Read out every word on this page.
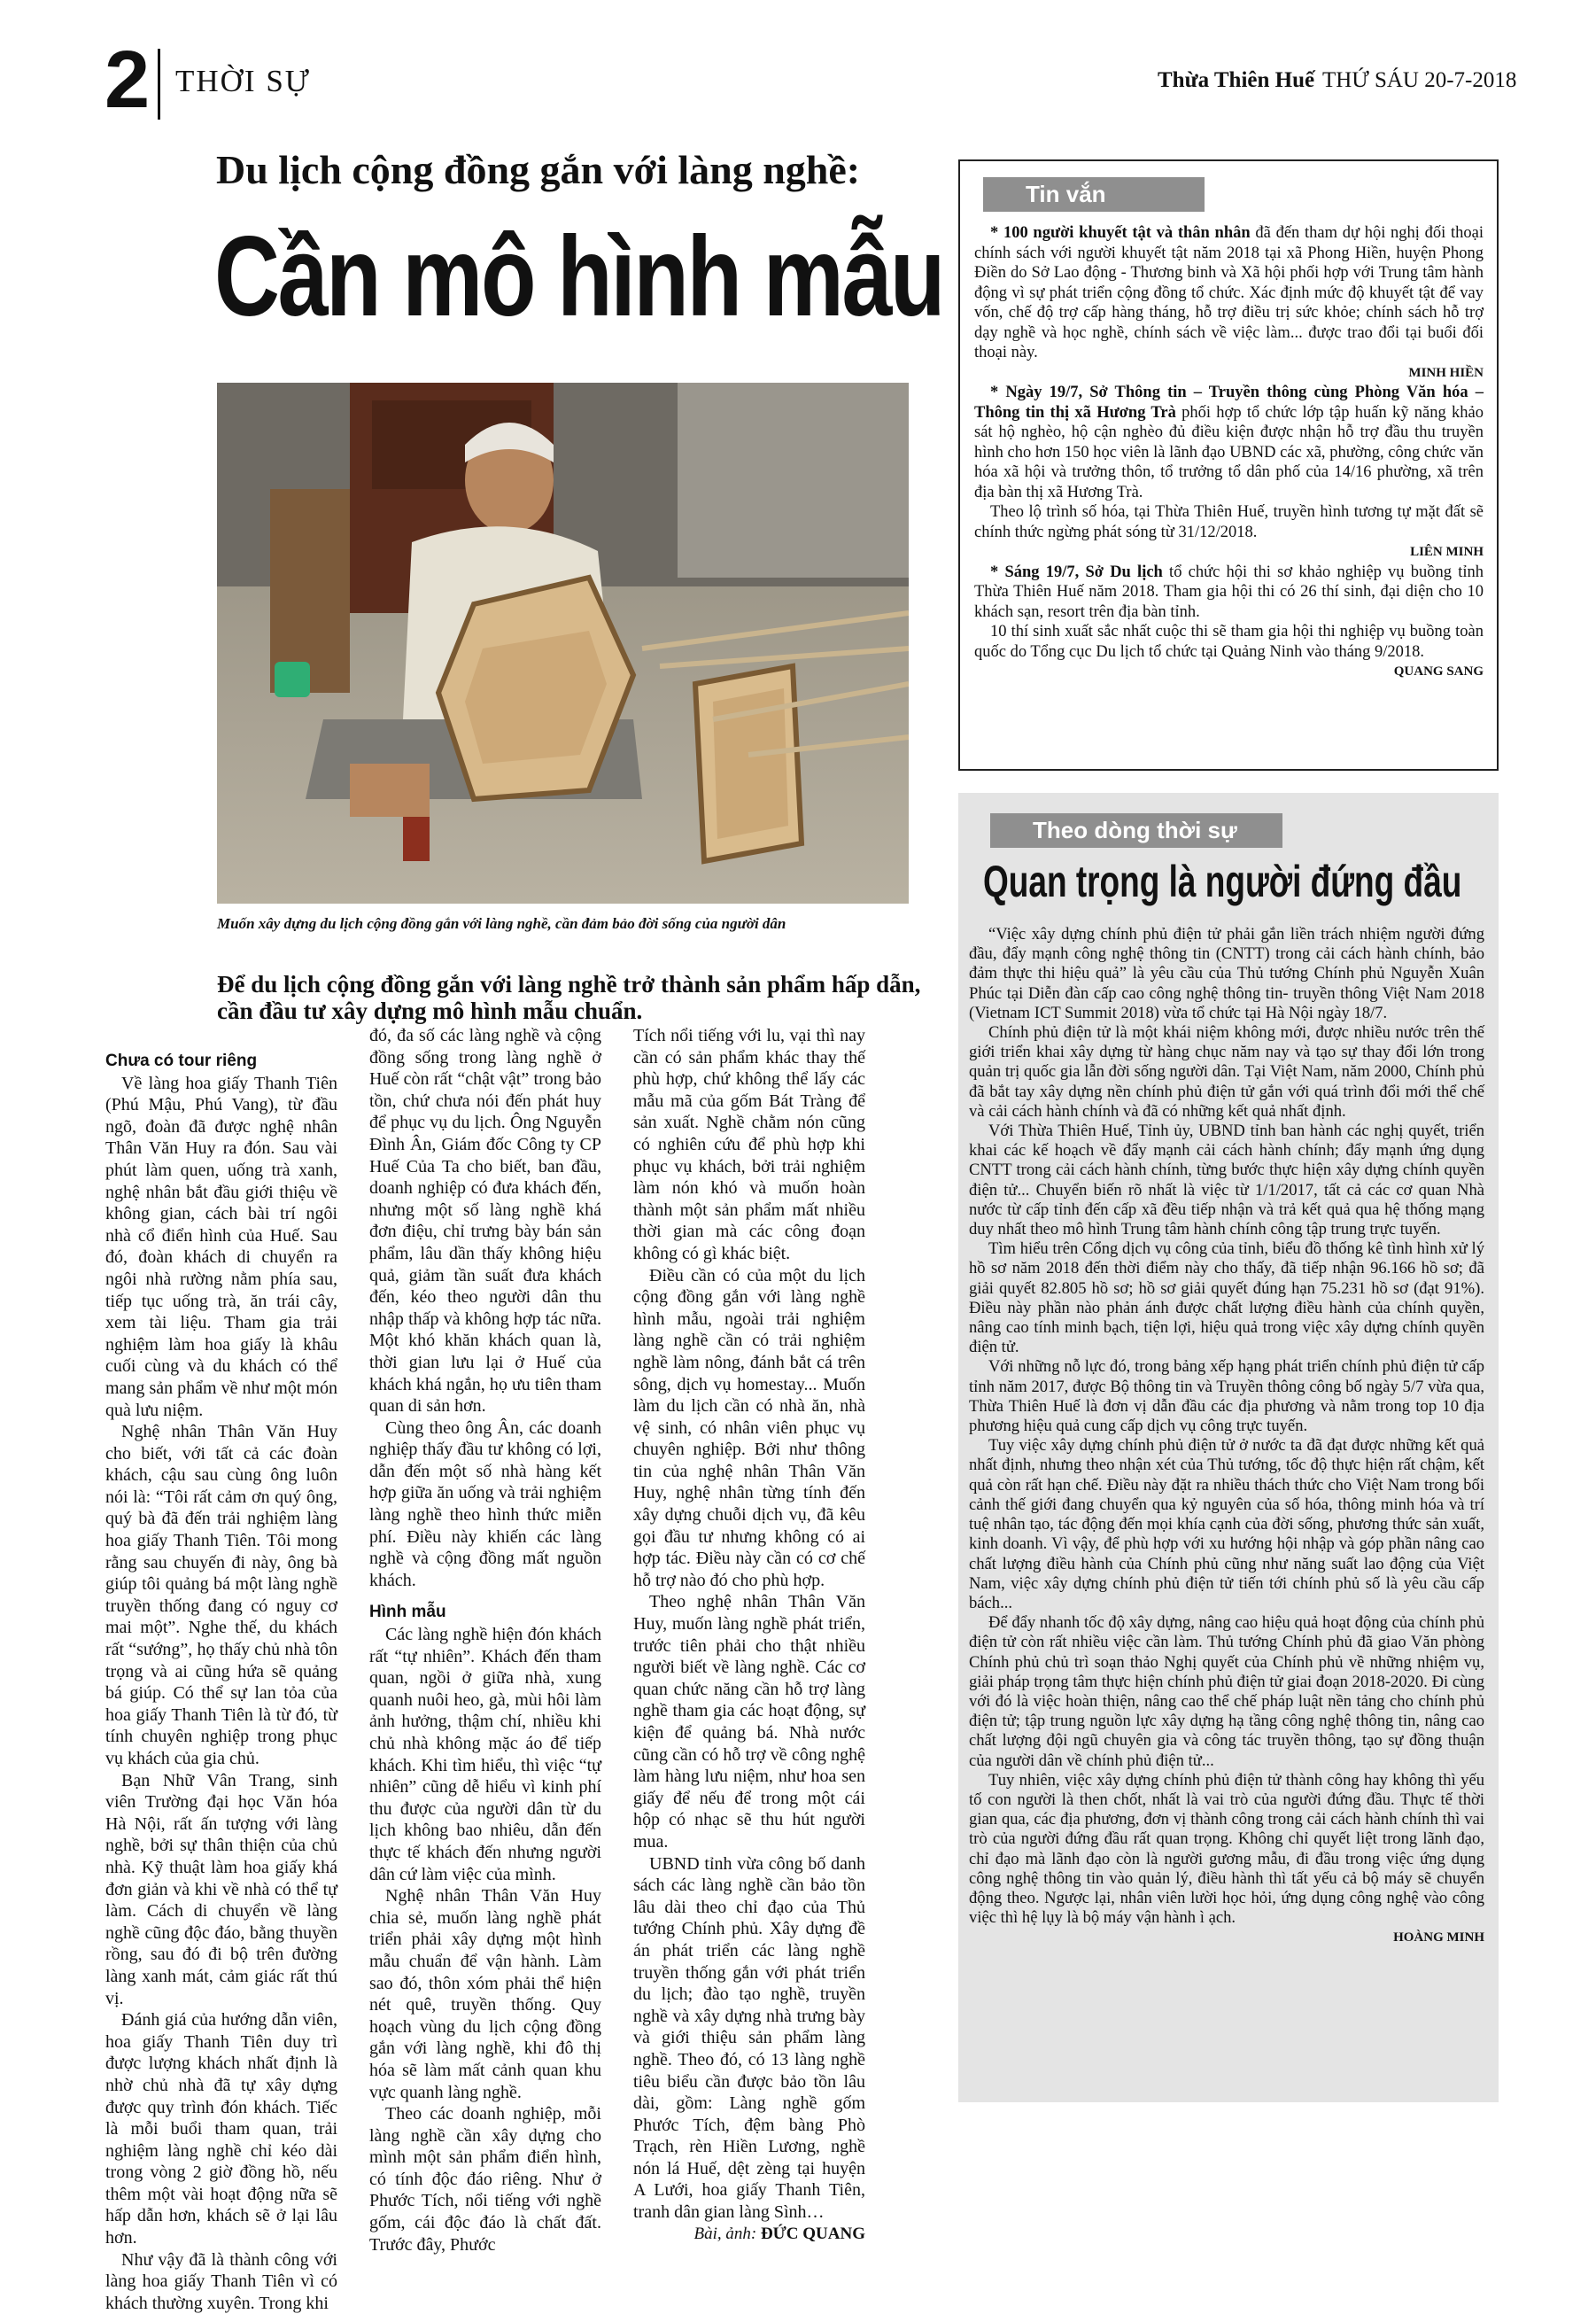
2 THỜI SỰ	Thừa Thiên Huế THỨ SÁU 20-7-2018
Du lịch cộng đồng gắn với làng nghề:
Cần mô hình mẫu
Muốn xây dựng du lịch cộng đồng gắn với làng nghề, cần đảm bảo đời sống của người dân
Để du lịch cộng đồng gắn với làng nghề trở thành sản phẩm hấp dẫn, cần đầu tư xây dựng mô hình mẫu chuẩn.

Chưa có tour riêng

Về làng hoa giấy Thanh Tiên (Phú Mậu, Phú Vang), từ đầu ngõ, đoàn đã được nghệ nhân Thân Văn Huy ra đón. Sau vài phút làm quen, uống trà xanh, nghệ nhân bắt đầu giới thiệu về không gian, cách bài trí ngôi nhà cổ điển hình của Huế. Sau đó, đoàn khách di chuyển ra ngôi nhà rường nằm phía sau, tiếp tục uống trà, ăn trái cây, xem tài liệu. Tham gia trải nghiệm làm hoa giấy là khâu cuối cùng và du khách có thể mang sản phẩm về như một món quà lưu niệm.

Nghệ nhân Thân Văn Huy cho biết, với tất cả các đoàn khách, cậu sau cùng ông luôn nói là: “Tôi rất cảm ơn quý ông, quý bà đã đến trải nghiệm làng hoa giấy Thanh Tiên. Tôi mong rằng sau chuyến đi này, ông bà giúp tôi quảng bá một làng nghề truyền thống đang có nguy cơ mai một”. Nghe thế, du khách rất “sướng”, họ thấy chủ nhà tôn trọng và ai cũng hứa sẽ quảng bá giúp. Có thể sự lan tỏa của hoa giấy Thanh Tiên là từ đó, từ tính chuyên nghiệp trong phục vụ khách của gia chủ.

Bạn Nhữ Vân Trang, sinh viên Trường đại học Văn hóa Hà Nội, rất ấn tượng với làng nghề, bởi sự thân thiện của chủ nhà. Kỹ thuật làm hoa giấy khá đơn giản và khi về nhà có thể tự làm. Cách di chuyển về làng nghề cũng độc đáo, bằng thuyền rồng, sau đó đi bộ trên đường làng xanh mát, cảm giác rất thú vị.

Đánh giá của hướng dẫn viên, hoa giấy Thanh Tiên duy trì được lượng khách nhất định là nhờ chủ nhà đã tự xây dựng được quy trình đón khách. Tiếc là mỗi buổi tham quan, trải nghiệm làng nghề chỉ kéo dài trong vòng 2 giờ đồng hồ, nếu thêm một vài hoạt động nữa sẽ hấp dẫn hơn, khách sẽ ở lại lâu hơn.

Như vậy đã là thành công với làng hoa giấy Thanh Tiên vì có khách thường xuyên. Trong khi

đó, đa số các làng nghề và cộng đồng sống trong làng nghề ở Huế còn rất “chật vật” trong bảo tồn, chứ chưa nói đến phát huy để phục vụ du lịch. Ông Nguyễn Đình Ân, Giám đốc Công ty CP Huế Của Ta cho biết, ban đầu, doanh nghiệp có đưa khách đến, nhưng một số làng nghề khá đơn điệu, chỉ trưng bày bán sản phẩm, lâu dần thấy không hiệu quả, giảm tần suất đưa khách đến, kéo theo người dân thu nhập thấp và không hợp tác nữa. Một khó khăn khách quan là, thời gian lưu lại ở Huế của khách khá ngắn, họ ưu tiên tham quan di sản hơn.

Cùng theo ông Ân, các doanh nghiệp thấy đầu tư không có lợi, dẫn đến một số nhà hàng kết hợp giữa ăn uống và trải nghiệm làng nghề theo hình thức miễn phí. Điều này khiến các làng nghề và cộng đồng mất nguồn khách.

Hình mẫu

Các làng nghề hiện đón khách rất “tự nhiên”. Khách đến tham quan, ngồi ở giữa nhà, xung quanh nuôi heo, gà, mùi hôi làm ảnh hưởng, thậm chí, nhiều khi chủ nhà không mặc áo để tiếp khách. Khi tìm hiểu, thì việc “tự nhiên” cũng dễ hiểu vì kinh phí thu được của người dân từ du lịch không bao nhiêu, dẫn đến thực tế khách đến nhưng người dân cứ làm việc của mình.

Nghệ nhân Thân Văn Huy chia sẻ, muốn làng nghề phát triển phải xây dựng một hình mẫu chuẩn để vận hành. Làm sao đó, thôn xóm phải thể hiện nét quê, truyền thống. Quy hoạch vùng du lịch cộng đồng gắn với làng nghề, khi đô thị hóa sẽ làm mất cảnh quan khu vực quanh làng nghề.

Theo các doanh nghiệp, mỗi làng nghề cần xây dựng cho mình một sản phẩm điển hình, có tính độc đáo riêng. Như ở Phước Tích, nổi tiếng với nghề gốm, cái độc đáo là chất đất. Trước đây, Phước

Tích nổi tiếng với lu, vại thì nay cần có sản phẩm khác thay thế phù hợp, chứ không thể lấy các mẫu mã của gốm Bát Tràng để sản xuất. Nghề chằm nón cũng có nghiên cứu để phù hợp khi phục vụ khách, bởi trải nghiệm làm nón khó và muốn hoàn thành một sản phẩm mất nhiều thời gian mà các công đoạn không có gì khác biệt.

Điều cần có của một du lịch cộng đồng gắn với làng nghề hình mẫu, ngoài trải nghiệm làng nghề cần có trải nghiệm nghề làm nông, đánh bắt cá trên sông, dịch vụ homestay... Muốn làm du lịch cần có nhà ăn, nhà vệ sinh, có nhân viên phục vụ chuyên nghiệp. Bởi như thông tin của nghệ nhân Thân Văn Huy, nghệ nhân từng tính đến xây dựng chuỗi dịch vụ, đã kêu gọi đầu tư nhưng không có ai hợp tác. Điều này cần có cơ chế hỗ trợ nào đó cho phù hợp.

Theo nghệ nhân Thân Văn Huy, muốn làng nghề phát triển, trước tiên phải cho thật nhiều người biết về làng nghề. Các cơ quan chức năng cần hỗ trợ làng nghề tham gia các hoạt động, sự kiện để quảng bá. Nhà nước cũng cần có hỗ trợ về công nghệ làm hàng lưu niệm, như hoa sen giấy để nếu để trong một cái hộp có nhạc sẽ thu hút người mua.

UBND tỉnh vừa công bố danh sách các làng nghề cần bảo tồn lâu dài theo chỉ đạo của Thủ tướng Chính phủ. Xây dựng đề án phát triển các làng nghề truyền thống gắn với phát triển du lịch; đào tạo nghề, truyền nghề và xây dựng nhà trưng bày và giới thiệu sản phẩm làng nghề. Theo đó, có 13 làng nghề tiêu biểu cần được bảo tồn lâu dài, gồm: Làng nghề gốm Phước Tích, đệm bàng Phò Trạch, rèn Hiền Lương, nghề nón lá Huế, dệt zèng tại huyện A Lưới, hoa giấy Thanh Tiên, tranh dân gian làng Sình…

Bài, ảnh: ĐỨC QUANG

Tin vắn

* 100 người khuyết tật và thân nhân đã đến tham dự hội nghị đối thoại chính sách với người khuyết tật năm 2018 tại xã Phong Hiền, huyện Phong Điền do Sở Lao động - Thương binh và Xã hội phối hợp với Trung tâm hành động vì sự phát triển cộng đồng tổ chức. Xác định mức độ khuyết tật để vay vốn, chế độ trợ cấp hàng tháng, hỗ trợ điều trị sức khỏe; chính sách hỗ trợ dạy nghề và học nghề, chính sách về việc làm... được trao đổi tại buổi đối thoại này.

MINH HIỀN

* Ngày 19/7, Sở Thông tin – Truyền thông cùng Phòng Văn hóa – Thông tin thị xã Hương Trà phối hợp tổ chức lớp tập huấn kỹ năng khảo sát hộ nghèo, hộ cận nghèo đủ điều kiện được nhận hỗ trợ đầu thu truyền hình cho hơn 150 học viên là lãnh đạo UBND các xã, phường, công chức văn hóa xã hội và trưởng thôn, tổ trưởng tổ dân phố của 14/16 phường, xã trên địa bàn thị xã Hương Trà.

Theo lộ trình số hóa, tại Thừa Thiên Huế, truyền hình tương tự mặt đất sẽ chính thức ngừng phát sóng từ 31/12/2018.

LIÊN MINH

* Sáng 19/7, Sở Du lịch tổ chức hội thi sơ khảo nghiệp vụ buồng tỉnh Thừa Thiên Huế năm 2018. Tham gia hội thi có 26 thí sinh, đại diện cho 10 khách sạn, resort trên địa bàn tỉnh.

10 thí sinh xuất sắc nhất cuộc thi sẽ tham gia hội thi nghiệp vụ buồng toàn quốc do Tổng cục Du lịch tổ chức tại Quảng Ninh vào tháng 9/2018.

QUANG SANG

Theo dòng thời sự
Quan trọng là người đứng đầu

“Việc xây dựng chính phủ điện tử phải gắn liền trách nhiệm người đứng đầu, đẩy mạnh công nghệ thông tin (CNTT) trong cải cách hành chính, bảo đảm thực thi hiệu quả” là yêu cầu của Thủ tướng Chính phủ Nguyễn Xuân Phúc tại Diễn đàn cấp cao công nghệ thông tin- truyền thông Việt Nam 2018 (Vietnam ICT Summit 2018) vừa tổ chức tại Hà Nội ngày 18/7.

Chính phủ điện tử là một khái niệm không mới, được nhiều nước trên thế giới triển khai xây dựng từ hàng chục năm nay và tạo sự thay đổi lớn trong quản trị quốc gia lẫn đời sống người dân. Tại Việt Nam, năm 2000, Chính phủ đã bắt tay xây dựng nền chính phủ điện tử gắn với quá trình đổi mới thể chế và cải cách hành chính và đã có những kết quả nhất định.

Với Thừa Thiên Huế, Tỉnh ủy, UBND tỉnh ban hành các nghị quyết, triển khai các kế hoạch về đẩy mạnh cải cách hành chính; đẩy mạnh ứng dụng CNTT trong cải cách hành chính, từng bước thực hiện xây dựng chính quyền điện tử... Chuyển biến rõ nhất là việc từ 1/1/2017, tất cả các cơ quan Nhà nước từ cấp tỉnh đến cấp xã đều tiếp nhận và trả kết quả qua hệ thống mạng duy nhất theo mô hình Trung tâm hành chính công tập trung trực tuyến.

Tìm hiểu trên Cổng dịch vụ công của tỉnh, biểu đồ thống kê tình hình xử lý hồ sơ năm 2018 đến thời điểm này cho thấy, đã tiếp nhận 96.166 hồ sơ; đã giải quyết 82.805 hồ sơ; hồ sơ giải quyết đúng hạn 75.231 hồ sơ (đạt 91%). Điều này phần nào phản ánh được chất lượng điều hành của chính quyền, nâng cao tính minh bạch, tiện lợi, hiệu quả trong việc xây dựng chính quyền điện tử.

Với những nỗ lực đó, trong bảng xếp hạng phát triển chính phủ điện tử cấp tỉnh năm 2017, được Bộ thông tin và Truyền thông công bố ngày 5/7 vừa qua, Thừa Thiên Huế là đơn vị dẫn đầu các địa phương và nằm trong top 10 địa phương hiệu quả cung cấp dịch vụ công trực tuyến.

Tuy việc xây dựng chính phủ điện tử ở nước ta đã đạt được những kết quả nhất định, nhưng theo nhận xét của Thủ tướng, tốc độ thực hiện rất chậm, kết quả còn rất hạn chế. Điều này đặt ra nhiều thách thức cho Việt Nam trong bối cảnh thế giới đang chuyển qua kỷ nguyên của số hóa, thông minh hóa và trí tuệ nhân tạo, tác động đến mọi khía cạnh của đời sống, phương thức sản xuất, kinh doanh. Vì vậy, để phù hợp với xu hướng hội nhập và góp phần nâng cao chất lượng điều hành của Chính phủ cũng như năng suất lao động của Việt Nam, việc xây dựng chính phủ điện tử tiến tới chính phủ số là yêu cầu cấp bách...

Để đẩy nhanh tốc độ xây dựng, nâng cao hiệu quả hoạt động của chính phủ điện tử còn rất nhiều việc cần làm. Thủ tướng Chính phủ đã giao Văn phòng Chính phủ chủ trì soạn thảo Nghị quyết của Chính phủ về những nhiệm vụ, giải pháp trọng tâm thực hiện chính phủ điện tử giai đoạn 2018-2020. Đi cùng với đó là việc hoàn thiện, nâng cao thể chế pháp luật nền tảng cho chính phủ điện tử; tập trung nguồn lực xây dựng hạ tầng công nghệ thông tin, nâng cao chất lượng đội ngũ chuyên gia và công tác truyền thông, tạo sự đồng thuận của người dân về chính phủ điện tử...

Tuy nhiên, việc xây dựng chính phủ điện tử thành công hay không thì yếu tố con người là then chốt, nhất là vai trò của người đứng đầu. Thực tế thời gian qua, các địa phương, đơn vị thành công trong cải cách hành chính thì vai trò của người đứng đầu rất quan trọng. Không chỉ quyết liệt trong lãnh đạo, chỉ đạo mà lãnh đạo còn là người gương mẫu, đi đầu trong việc ứng dụng công nghệ thông tin vào quản lý, điều hành thì tất yếu cả bộ máy sẽ chuyển động theo. Ngược lại, nhân viên lười học hỏi, ứng dụng công nghệ vào công việc thì hệ lụy là bộ máy vận hành ì ạch.

HOÀNG MINH
